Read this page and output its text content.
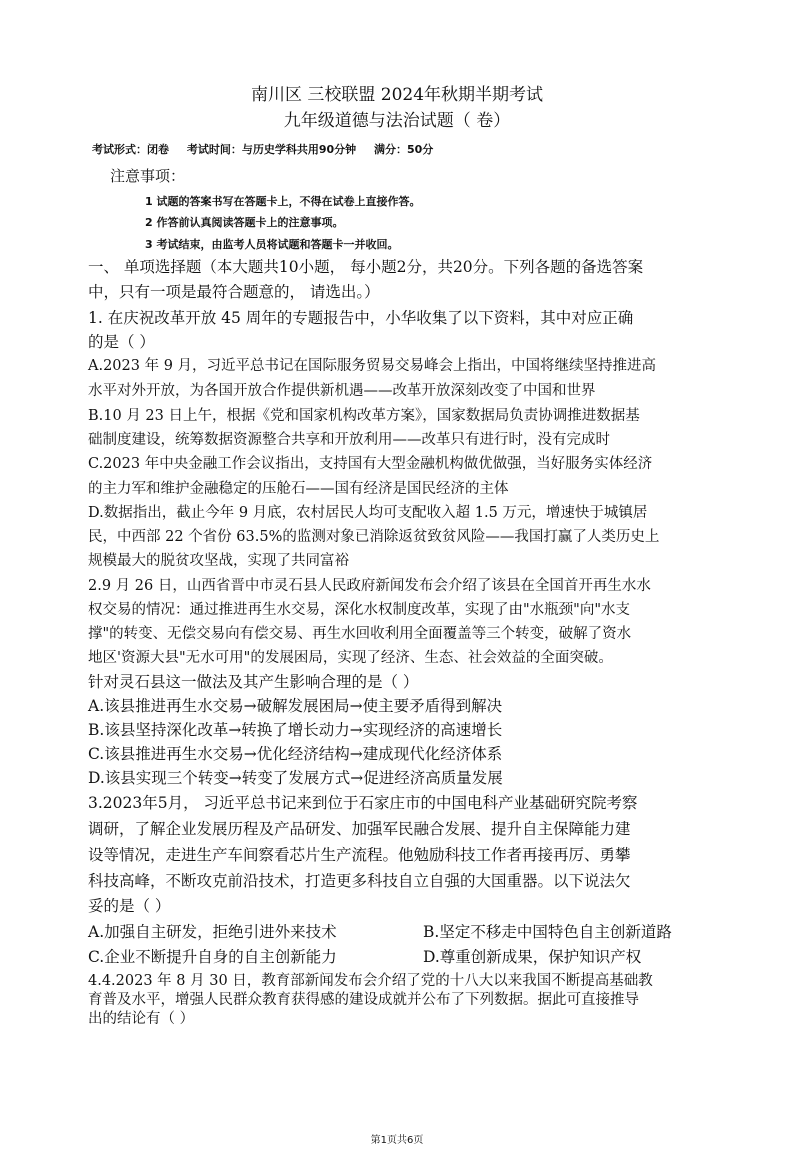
南川区 三校联盟 2024年秋期半期考试
九年级道德与法治试题（ 卷）
考试形式：闭卷 考试时间：与历史学科共用90分钟 满分：50分
注意事项：
1 试题的答案书写在答题卡上，不得在试卷上直接作答。
2 作答前认真阅读答题卡上的注意事项。
3 考试结束，由监考人员将试题和答题卡一并收回。
一、 单项选择题（本大题共10小题， 每小题2分，共20分。下列各题的备选答案
中，只有一项是最符合题意的， 请选出。）
1. 在庆祝改革开放 45 周年的专题报告中，小华收集了以下资料，其中对应正确
的是（ ）
A.2023 年 9 月，习近平总书记在国际服务贸易交易峰会上指出，中国将继续坚持推进高
水平对外开放，为各国开放合作提供新机遇——改革开放深刻改变了中国和世界
B.10 月 23 日上午，根据《党和国家机构改革方案》，国家数据局负责协调推进数据基
础制度建设，统筹数据资源整合共享和开放利用——改革只有进行时，没有完成时
C.2023 年中央金融工作会议指出，支持国有大型金融机构做优做强，当好服务实体经济
的主力军和维护金融稳定的压舱石——国有经济是国民经济的主体
D.数据指出，截止今年 9 月底，农村居民人均可支配收入超 1.5 万元，增速快于城镇居
民，中西部 22 个省份 63.5%的监测对象已消除返贫致贫风险——我国打赢了人类历史上
规模最大的脱贫攻坚战，实现了共同富裕
2.9 月 26 日，山西省晋中市灵石县人民政府新闻发布会介绍了该县在全国首开再生水水
权交易的情况：通过推进再生水交易，深化水权制度改革，实现了由"水瓶颈"向"水支
撑"的转变、无偿交易向有偿交易、再生水回收利用全面覆盖等三个转变，破解了资水
地区'资源大县"无水可用"的发展困局，实现了经济、生态、社会效益的全面突破。
针对灵石县这一做法及其产生影响合理的是（ ）
A.该县推进再生水交易→破解发展困局→使主要矛盾得到解决
B.该县坚持深化改革→转换了增长动力→实现经济的高速增长
C.该县推进再生水交易→优化经济结构→建成现代化经济体系
D.该县实现三个转变→转变了发展方式→促进经济高质量发展
3.2023年5月， 习近平总书记来到位于石家庄市的中国电科产业基础研究院考察
调研，了解企业发展历程及产品研发、加强军民融合发展、提升自主保障能力建
设等情况，走进生产车间察看芯片生产流程。他勉励科技工作者再接再厉、勇攀
科技高峰，不断攻克前沿技术，打造更多科技自立自强的大国重器。以下说法欠
妥的是（ ）
A.加强自主研发，拒绝引进外来技术	B.坚定不移走中国特色自主创新道路
C.企业不断提升自身的自主创新能力	D.尊重创新成果，保护知识产权
4.4.2023 年 8 月 30 日，教育部新闻发布会介绍了党的十八大以来我国不断提高基础教
育普及水平，增强人民群众教育获得感的建设成就并公布了下列数据。据此可直接推导
出的结论有（ ）
第1页共6页
